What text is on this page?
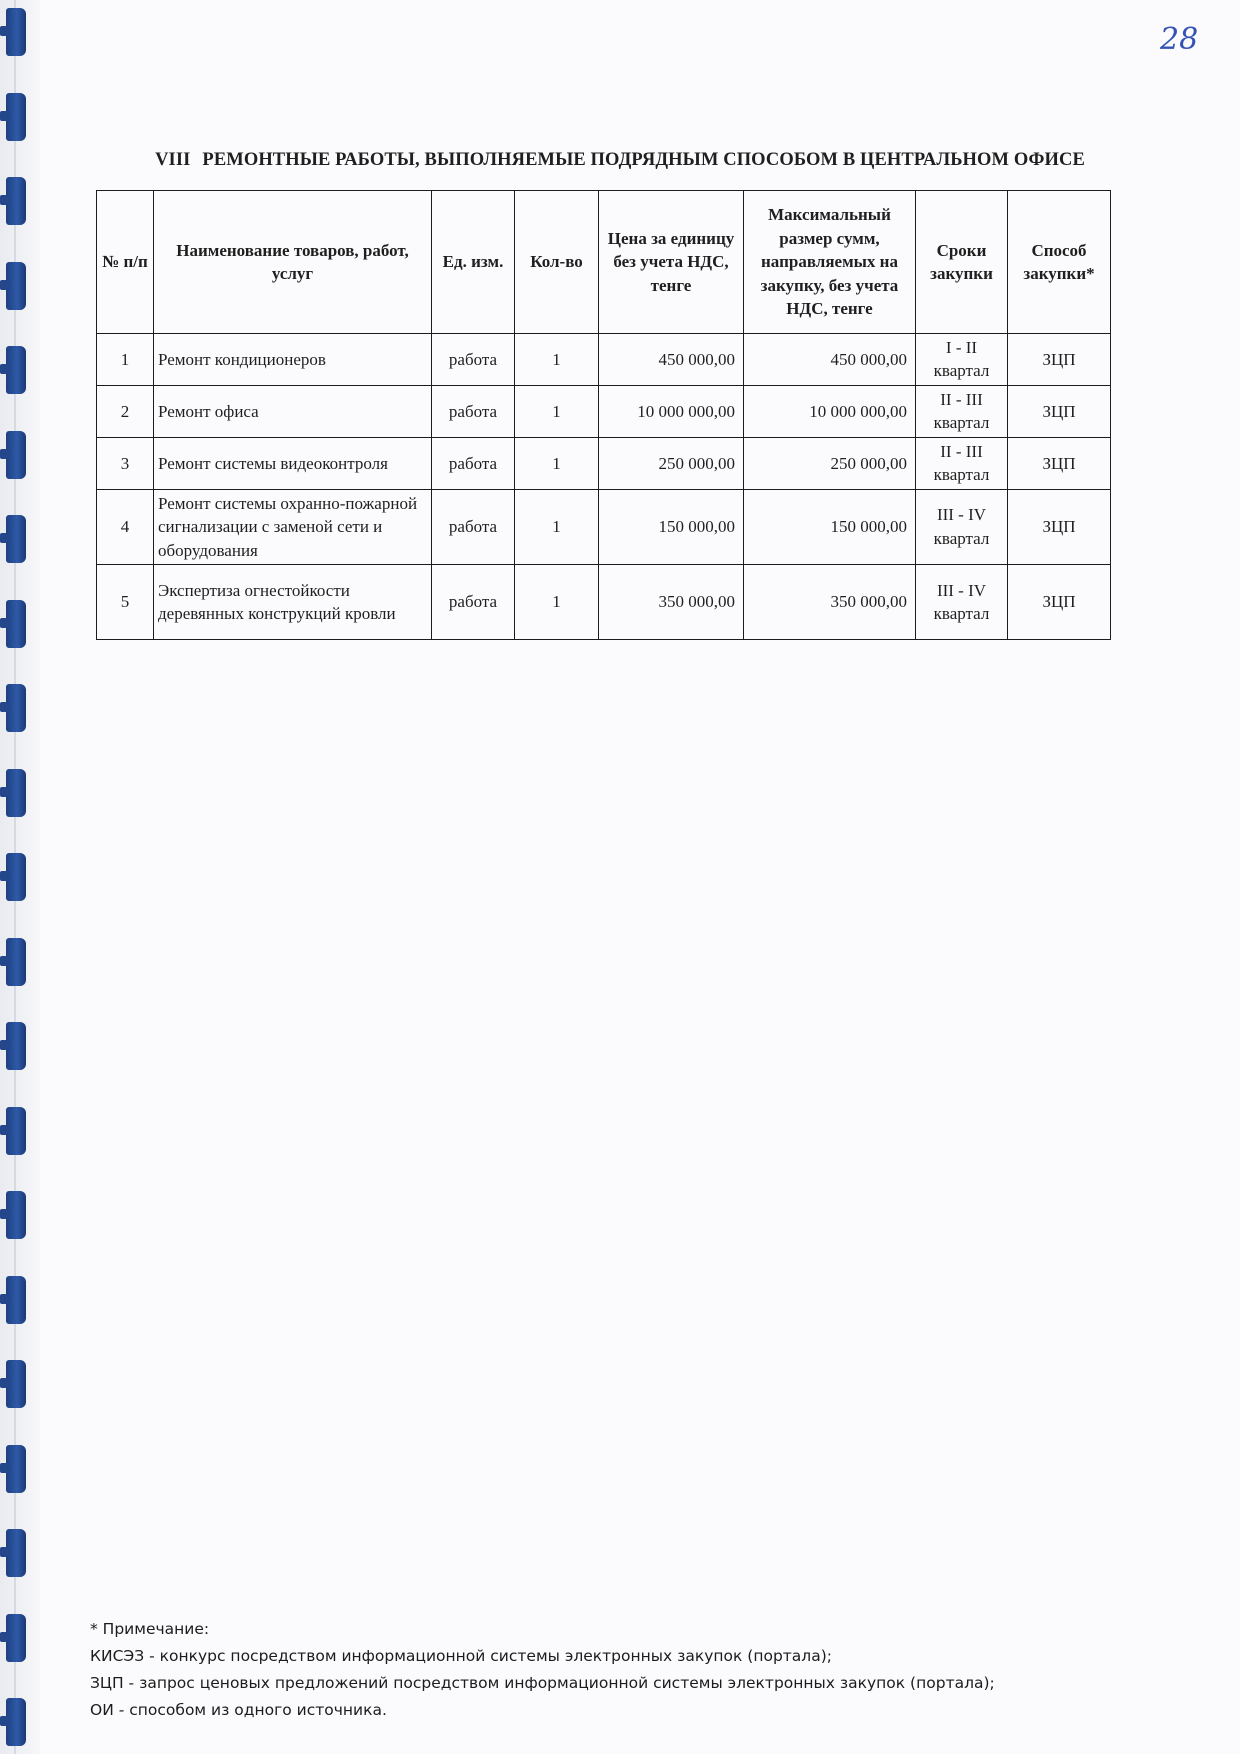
28
VIII РЕМОНТНЫЕ РАБОТЫ, ВЫПОЛНЯЕМЫЕ ПОДРЯДНЫМ СПОСОБОМ В ЦЕНТРАЛЬНОМ ОФИСЕ
№ п/п	Наименование товаров, работ, услуг	Ед. изм.	Кол-во	Цена за единицу без учета НДС, тенге	Максимальный размер сумм, направляемых на закупку, без учета НДС, тенге	Сроки закупки	Способ закупки*
1	Ремонт кондиционеров	работа	1	450 000,00	450 000,00	I - II квартал	ЗЦП
2	Ремонт офиса	работа	1	10 000 000,00	10 000 000,00	II - III квартал	ЗЦП
3	Ремонт системы видеоконтроля	работа	1	250 000,00	250 000,00	II - III квартал	ЗЦП
4	Ремонт системы охранно-пожарной сигнализации с заменой сети и оборудования	работа	1	150 000,00	150 000,00	III - IV квартал	ЗЦП
5	Экспертиза огнестойкости деревянных конструкций кровли	работа	1	350 000,00	350 000,00	III - IV квартал	ЗЦП
* Примечание:
КИСЭЗ - конкурс посредством информационной системы электронных закупок (портала);
ЗЦП - запрос ценовых предложений посредством информационной системы электронных закупок (портала);
ОИ - способом из одного источника.
